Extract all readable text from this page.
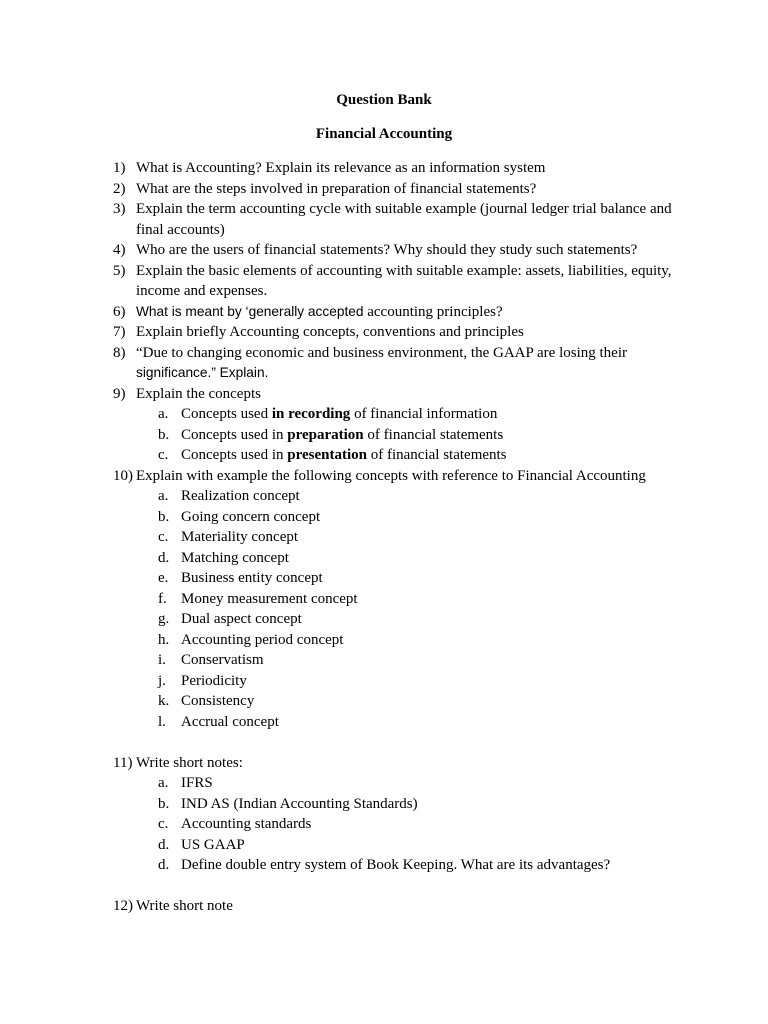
Question Bank
Financial Accounting
1) What is Accounting? Explain its relevance as an information system
2) What are the steps involved in preparation of financial statements?
3) Explain the term accounting cycle with suitable example (journal ledger trial balance and
final accounts)
4) Who are the users of financial statements? Why should they study such statements?
5) Explain the basic elements of accounting with suitable example: assets, liabilities, equity,
income and expenses.
6) What is meant by ‘generally accepted accounting principles?
7) Explain briefly Accounting concepts, conventions and principles
8) “Due to changing economic and business environment, the GAAP are losing their
significance.” Explain.
9) Explain the concepts
a. Concepts used in recording of financial information
b. Concepts used in preparation of financial statements
c. Concepts used in presentation of financial statements
10) Explain with example the following concepts with reference to Financial Accounting
a. Realization concept
b. Going concern concept
c. Materiality concept
d. Matching concept
e. Business entity concept
f. Money measurement concept
g. Dual aspect concept
h. Accounting period concept
i.	Conservatism
j.	Periodicity
k. Consistency
l.	Accrual concept
11) Write short notes:
a. IFRS
b. IND AS (Indian Accounting Standards)
c. Accounting standards
d. US GAAP
d. Define double entry system of Book Keeping. What are its advantages?
12) Write short note
